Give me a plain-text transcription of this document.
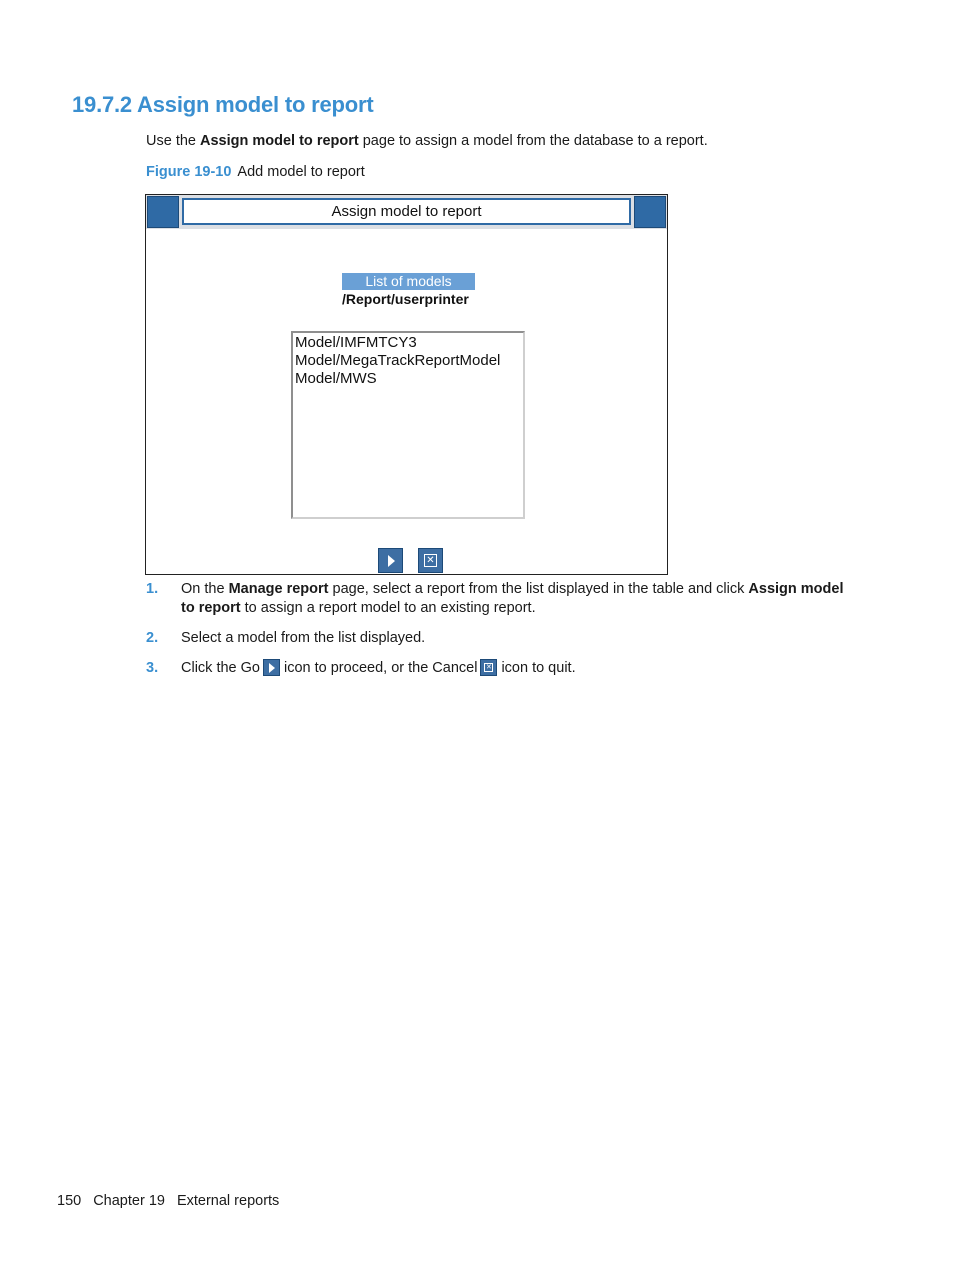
19.7.2 Assign model to report
Use the Assign model to report page to assign a model from the database to a report.
Figure 19-10 Add model to report
Assign model to report
List of models
/Report/userprinter
Model/IMFMTCY3
Model/MegaTrackReportModel
Model/MWS
✕
1. On the Manage report page, select a report from the list displayed in the table and click Assign model to report to assign a report model to an existing report.
2. Select a model from the list displayed.
3. Click the Go icon to proceed, or the Cancel ✕ icon to quit.
150 Chapter 19 External reports
